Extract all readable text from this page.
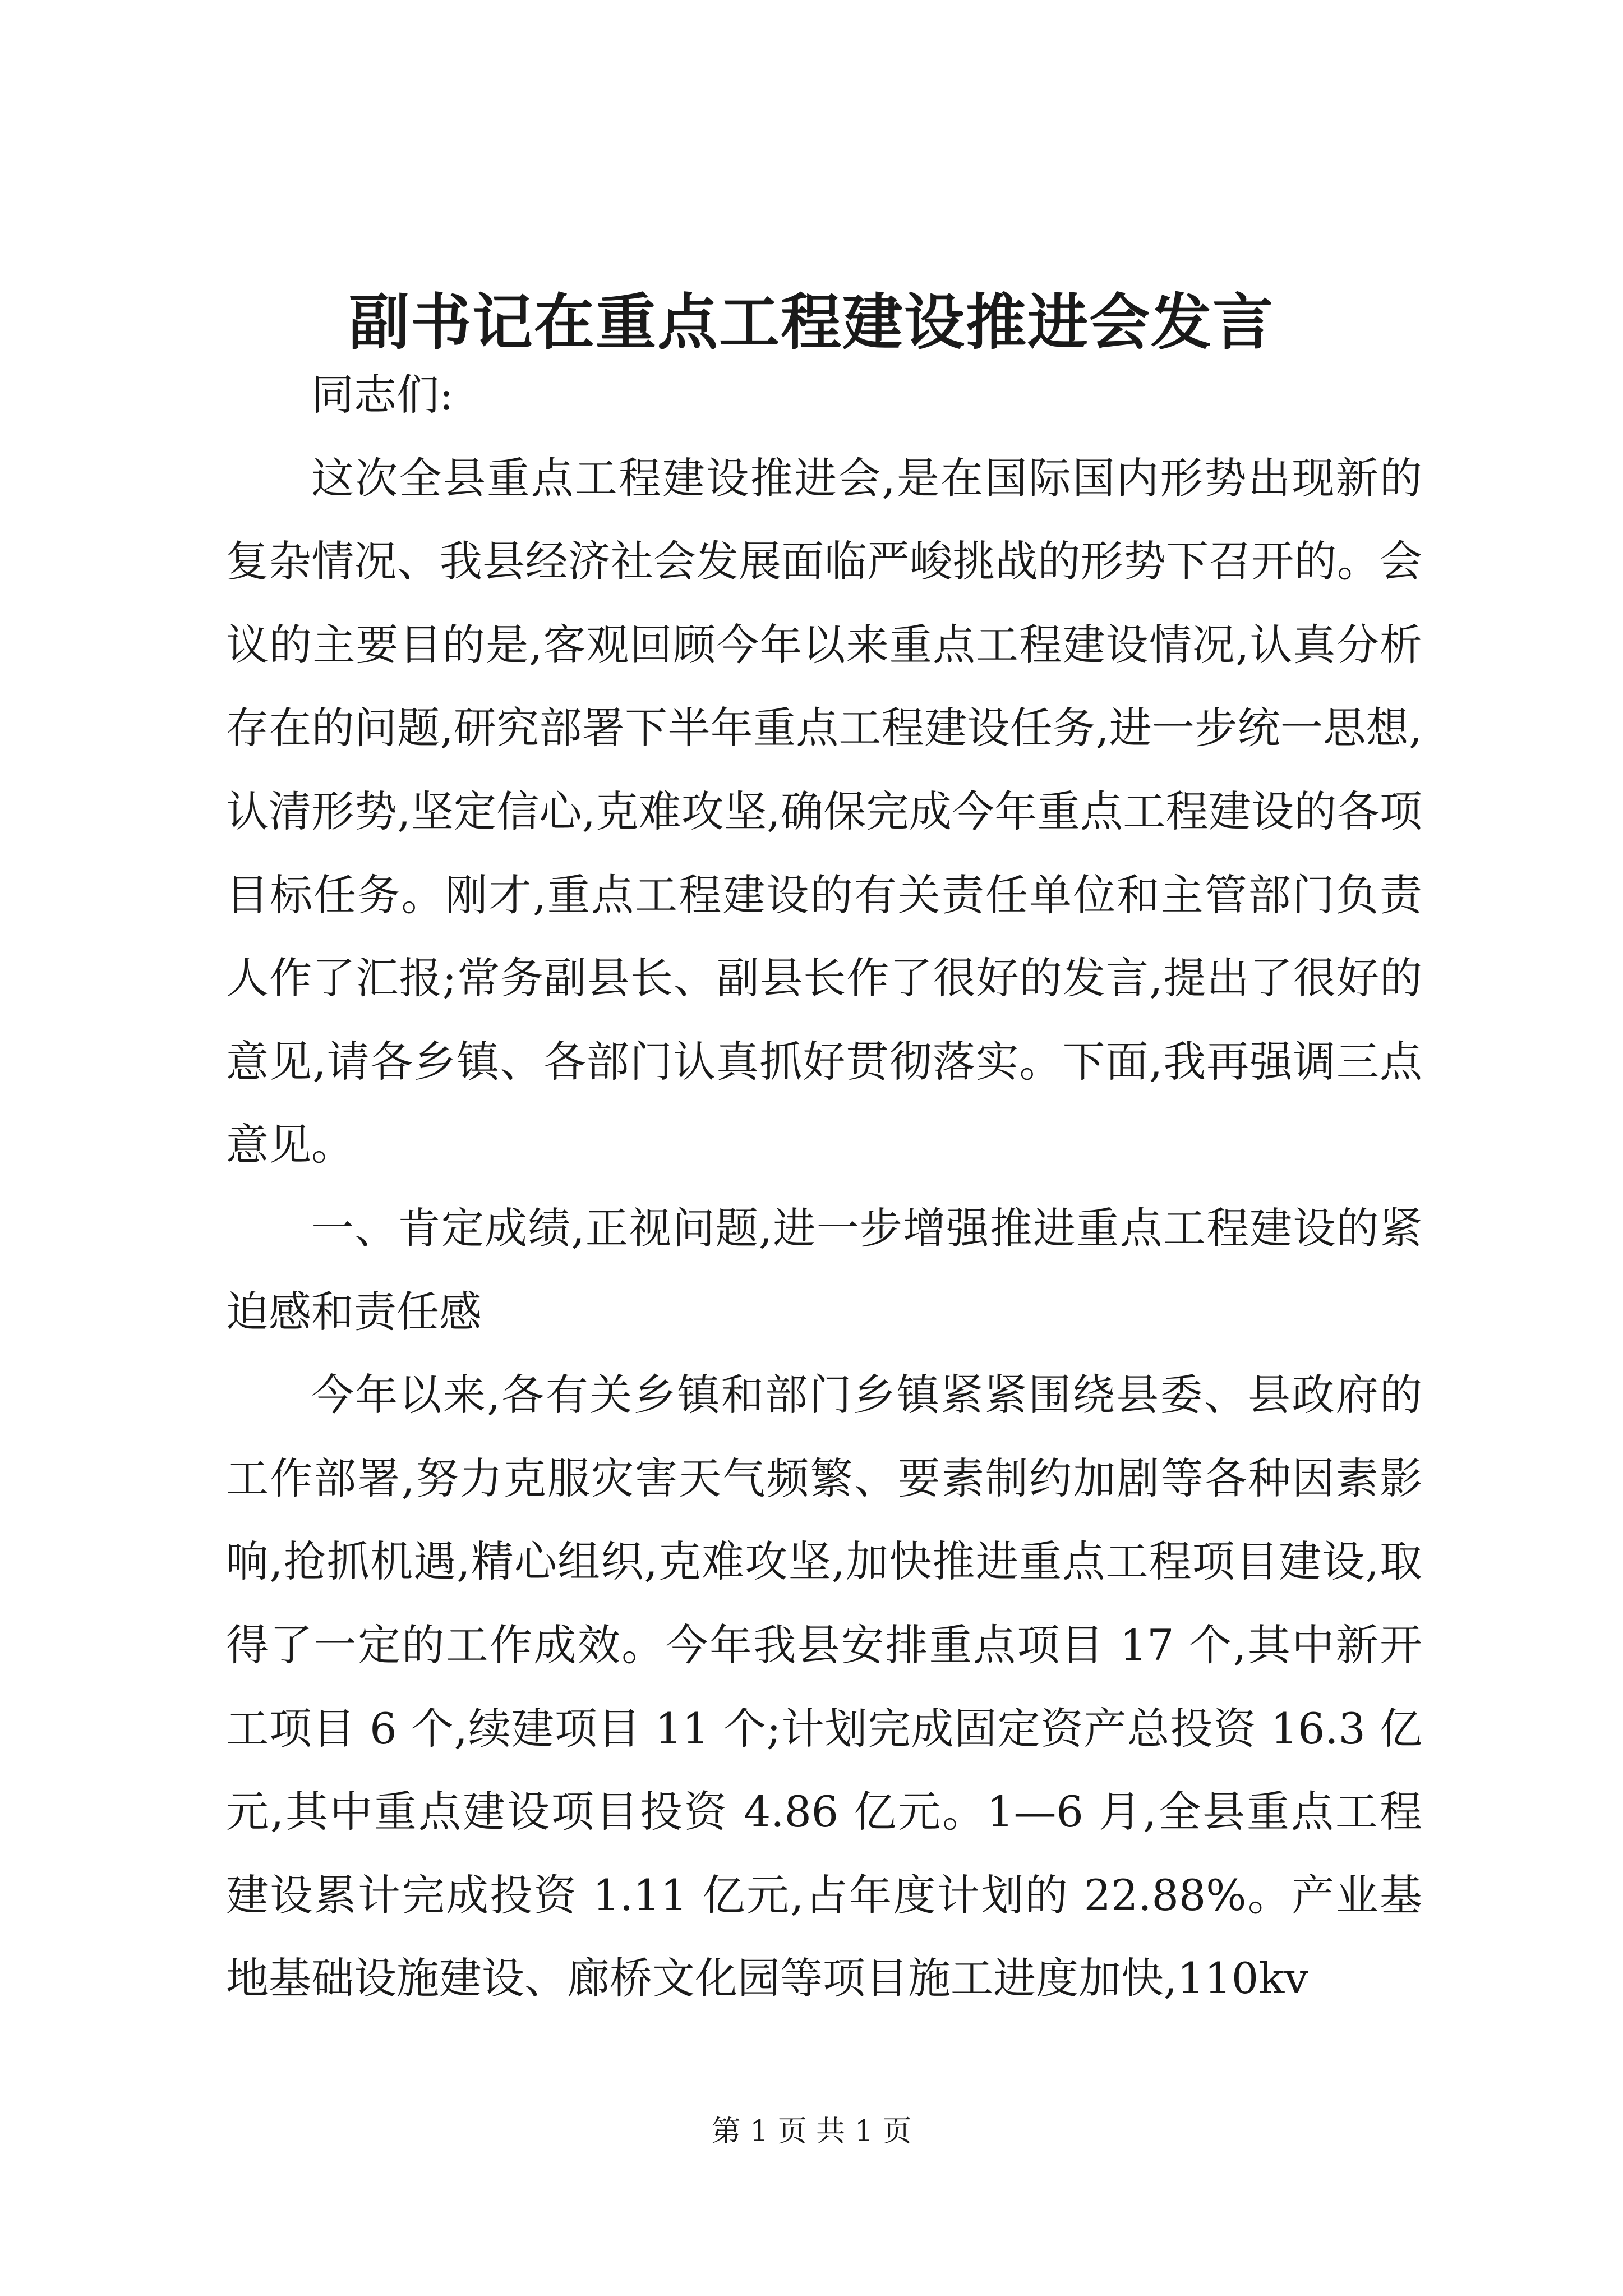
副书记在重点工程建设推进会发言

同志们:

这次全县重点工程建设推进会,是在国际国内形势出现新的复杂情况、我县经济社会发展面临严峻挑战的形势下召开的。会议的主要目的是,客观回顾今年以来重点工程建设情况,认真分析存在的问题,研究部署下半年重点工程建设任务,进一步统一思想,认清形势,坚定信心,克难攻坚,确保完成今年重点工程建设的各项目标任务。刚才,重点工程建设的有关责任单位和主管部门负责人作了汇报;常务副县长、副县长作了很好的发言,提出了很好的意见,请各乡镇、各部门认真抓好贯彻落实。下面,我再强调三点意见。

一、肯定成绩,正视问题,进一步增强推进重点工程建设的紧迫感和责任感

今年以来,各有关乡镇和部门乡镇紧紧围绕县委、县政府的工作部署,努力克服灾害天气频繁、要素制约加剧等各种因素影响,抢抓机遇,精心组织,克难攻坚,加快推进重点工程项目建设,取得了一定的工作成效。今年我县安排重点项目 17 个,其中新开工项目 6 个,续建项目 11 个;计划完成固定资产总投资 16.3 亿元,其中重点建设项目投资 4.86 亿元。1—6 月,全县重点工程建设累计完成投资 1.11 亿元,占年度计划的 22.88%。产业基地基础设施建设、廊桥文化园等项目施工进度加快,110kv

第 1 页 共 1 页
